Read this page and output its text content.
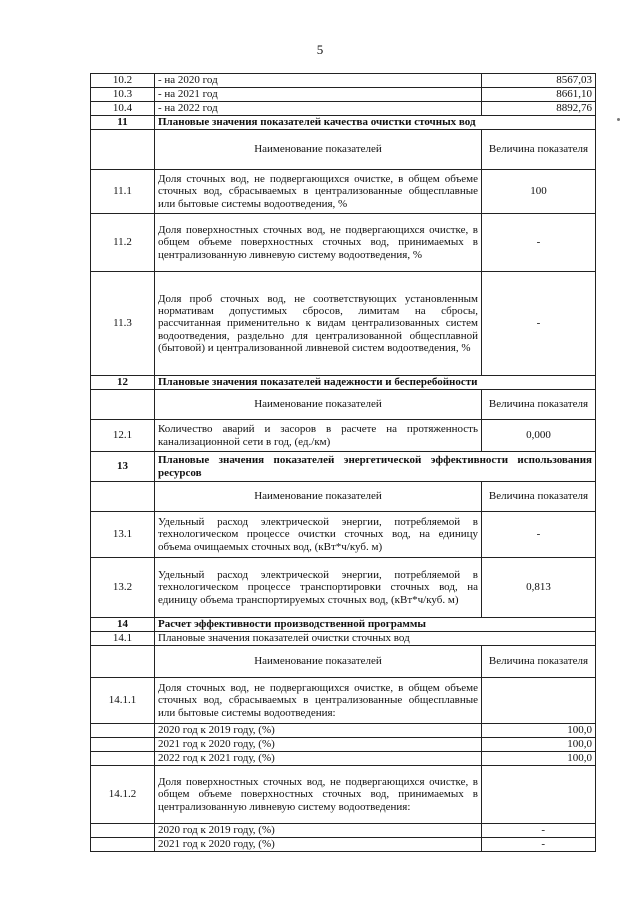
5
10.2	- на 2020 год	8567,03
10.3	- на 2021 год	8661,10
10.4	- на 2022 год	8892,76
11	Плановые значения показателей качества очистки сточных вод	
	Наименование показателей	Величина показателя
11.1	Доля сточных вод, не подвергающихся очистке, в общем объеме сточных вод, сбрасываемых в централизованные общесплавные или бытовые системы водоотведения, %	100
11.2	Доля поверхностных сточных вод, не подвергающихся очистке, в общем объеме поверхностных сточных вод, принимаемых в централизованную ливневую систему водоотведения, %	-
11.3	Доля проб сточных вод, не соответствующих установленным нормативам допустимых сбросов, лимитам на сбросы, рассчитанная применительно к видам централизованных систем водоотведения, раздельно для централизованной общесплавной (бытовой) и централизованной ливневой систем водоотведения, %	-
12	Плановые значения показателей надежности и бесперебойности	
	Наименование показателей	Величина показателя
12.1	Количество аварий и засоров в расчете на протяженность канализационной сети в год, (ед./км)	0,000
13	Плановые значения показателей энергетической эффективности использования ресурсов	
	Наименование показателей	Величина показателя
13.1	Удельный расход электрической энергии, потребляемой в технологическом процессе очистки сточных вод, на единицу объема очищаемых сточных вод, (кВт*ч/куб. м)	-
13.2	Удельный расход электрической энергии, потребляемой в технологическом процессе транспортировки сточных вод, на единицу объема транспортируемых сточных вод, (кВт*ч/куб. м)	0,813
14	Расчет эффективности производственной программы	
14.1	Плановые значения показателей очистки сточных вод	
	Наименование показателей	Величина показателя
14.1.1	Доля сточных вод, не подвергающихся очистке, в общем объеме сточных вод, сбрасываемых в централизованные общесплавные или бытовые системы водоотведения:	
	2020 год к 2019 году, (%)	100,0
	2021 год к 2020 году, (%)	100,0
	2022 год к 2021 году, (%)	100,0
14.1.2	Доля поверхностных сточных вод, не подвергающихся очистке, в общем объеме поверхностных сточных вод, принимаемых в централизованную ливневую систему водоотведения:	
	2020 год к 2019 году, (%)	-
	2021 год к 2020 году, (%)	-
